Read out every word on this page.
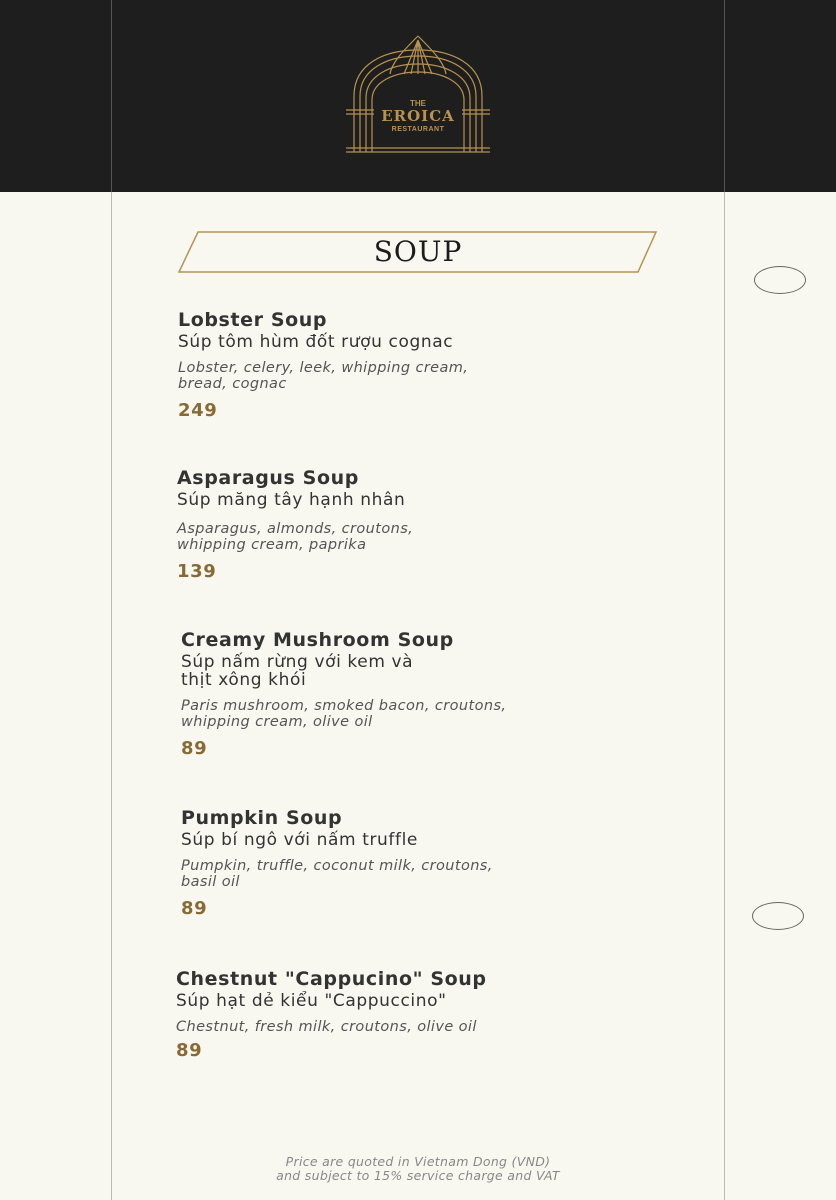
THE
EROICA
RESTAURANT
SOUP
Lobster Soup
Súp tôm hùm đốt rượu cognac
Lobster, celery, leek, whipping cream,
bread, cognac
249
Asparagus Soup
Súp măng tây hạnh nhân
Asparagus, almonds, croutons,
whipping cream, paprika
139
Creamy Mushroom Soup
Súp nấm rừng với kem và
thịt xông khói
Paris mushroom, smoked bacon, croutons,
whipping cream, olive oil
89
Pumpkin Soup
Súp bí ngô với nấm truffle
Pumpkin, truffle, coconut milk, croutons,
basil oil
89
Chestnut "Cappucino" Soup
Súp hạt dẻ kiểu "Cappuccino"
Chestnut, fresh milk, croutons, olive oil
89
Price are quoted in Vietnam Dong (VND)
and subject to 15% service charge and VAT
